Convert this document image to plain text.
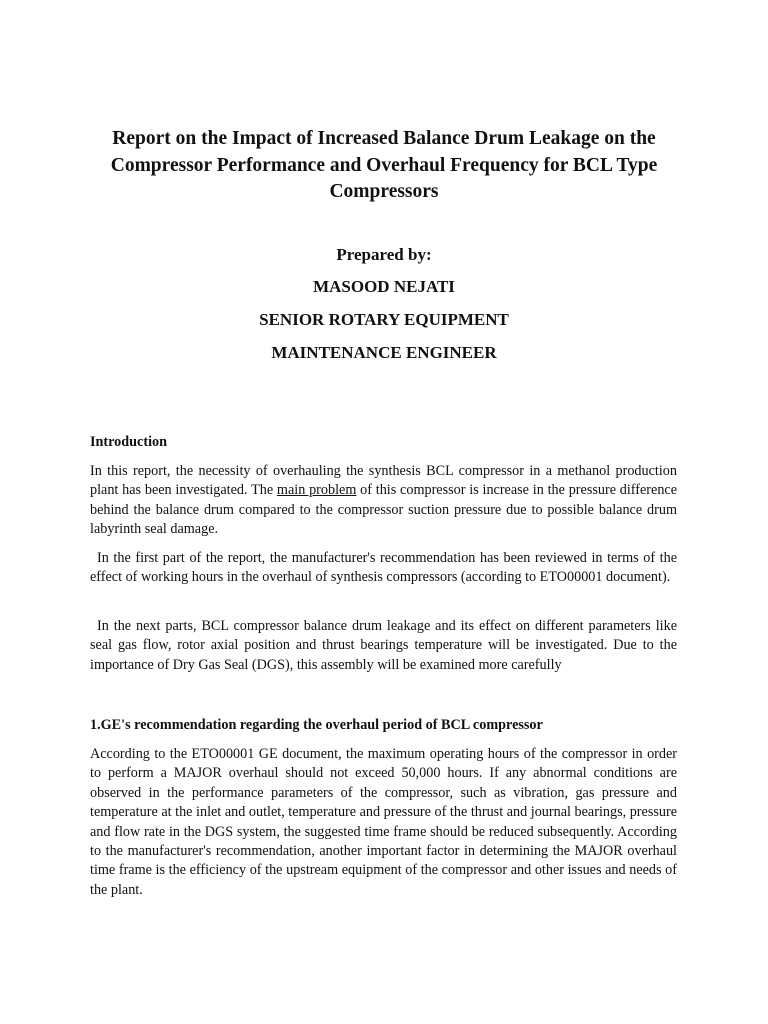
Report on the Impact of Increased Balance Drum Leakage on the Compressor Performance and Overhaul Frequency for BCL Type Compressors

Prepared by:

MASOOD NEJATI

SENIOR ROTARY EQUIPMENT

MAINTENANCE ENGINEER

Introduction

In this report, the necessity of overhauling the synthesis BCL compressor in a methanol production plant has been investigated. The main problem of this compressor is increase in the pressure difference behind the balance drum compared to the compressor suction pressure due to possible balance drum labyrinth seal damage.

In the first part of the report, the manufacturer's recommendation has been reviewed in terms of the effect of working hours in the overhaul of synthesis compressors (according to ETO00001 document).

In the next parts, BCL compressor balance drum leakage and its effect on different parameters like seal gas flow, rotor axial position and thrust bearings temperature will be investigated. Due to the importance of Dry Gas Seal (DGS), this assembly will be examined more carefully

1.GE's recommendation regarding the overhaul period of BCL compressor

According to the ETO00001 GE document, the maximum operating hours of the compressor in order to perform a MAJOR overhaul should not exceed 50,000 hours. If any abnormal conditions are observed in the performance parameters of the compressor, such as vibration, gas pressure and temperature at the inlet and outlet, temperature and pressure of the thrust and journal bearings, pressure and flow rate in the DGS system, the suggested time frame should be reduced subsequently. According to the manufacturer's recommendation, another important factor in determining the MAJOR overhaul time frame is the efficiency of the upstream equipment of the compressor and other issues and needs of the plant.
